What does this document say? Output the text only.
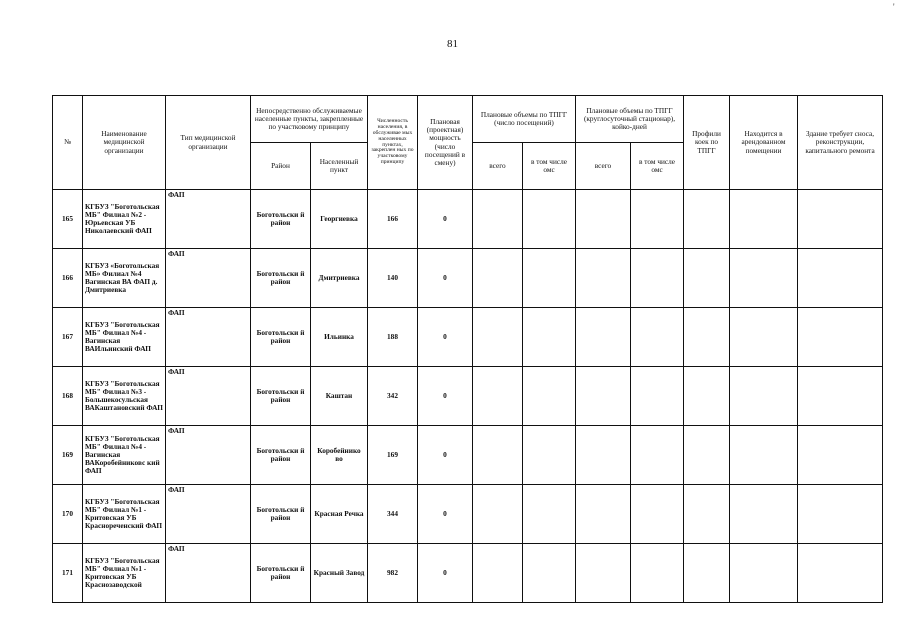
81
'
№	Наименование медицинской организации	Тип медицинской организации	Непосредственно обслуживаемые населенные пункты, закрепленные по участковому принципу		Численность населения, в обслуживае мых населенных пунктах, закреплен ных по участковому принципу	Плановая (проектная) мощность (число посещений в смену)	Плановые объемы по ТПГГ (число посещений)		Плановые объемы по ТПГГ (круглосуточный стационар), койко-дней		Профили коек по ТПГГ	Находится в арендованном помещении	Здание требует сноса, реконструкции, капитального ремонта
			Район	Населенный пункт			всего	в том числе омс	всего	в том числе омс			
165	КГБУЗ "Боготольская МБ" Филиал №2 - Юрьевская УБ Николаевский ФАП	ФАП	Боготольски й район	Георгиевка	166	0							
166	КГБУЗ «Боготольская МБ» Филиал №4 Вагинская ВА ФАП д. Дмитриевка	ФАП	Боготольски й район	Дмитриевка	140	0							
167	КГБУЗ "Боготольская МБ" Филиал №4 - Вагинская ВАИльинский ФАП	ФАП	Боготольски й район	Ильинка	188	0							
168	КГБУЗ "Боготольская МБ" Филиал №3 - Большекосульская ВАКаштановский ФАП	ФАП	Боготольски й район	Каштан	342	0							
169	КГБУЗ "Боготольская МБ" Филиал №4 - Вагинская ВАКоробейниковс кий ФАП	ФАП	Боготольски й район	Коробейнико во	169	0							
170	КГБУЗ "Боготольская МБ" Филиал №1 - Критовская УБ Краснореченский ФАП	ФАП	Боготольски й район	Красная Речка	344	0							
171	КГБУЗ "Боготольская МБ" Филиал №1 - Критовская УБ Краснозаводской	ФАП	Боготольски й район	Красный Завод	982	0							
